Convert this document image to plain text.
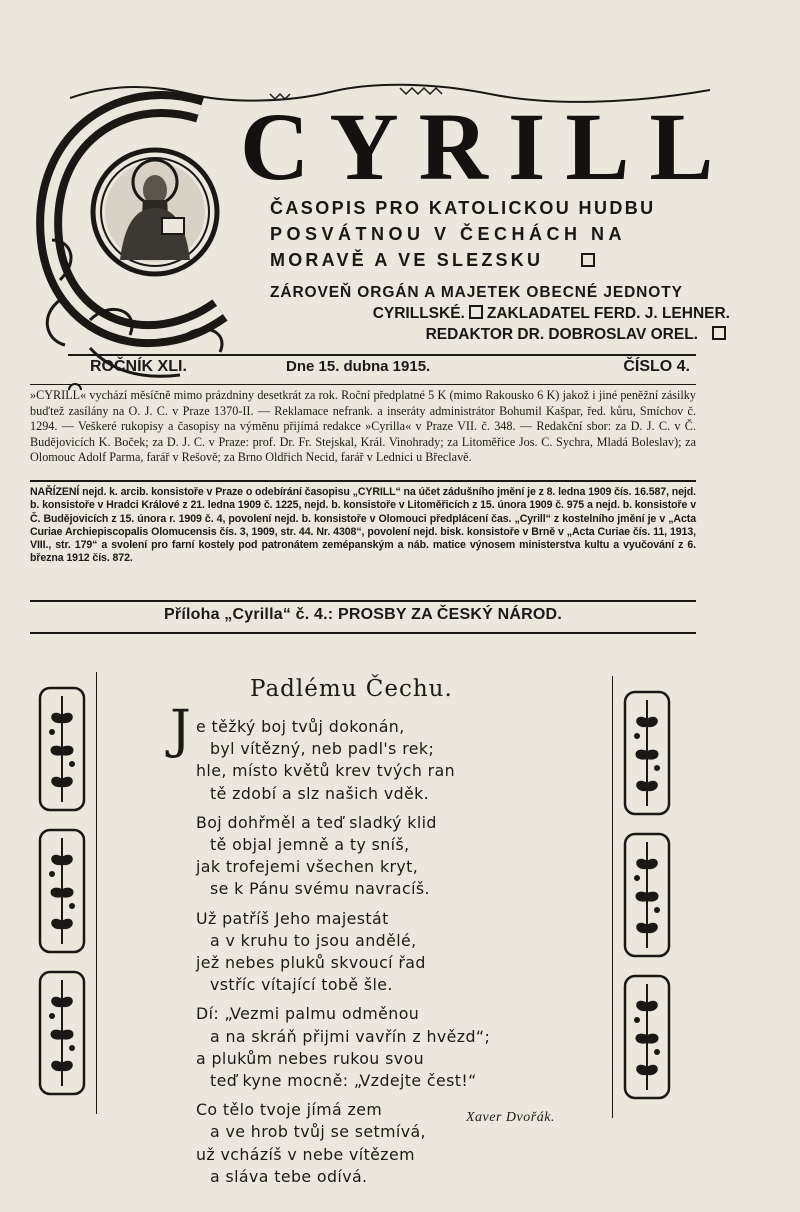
CYRILL
ČASOPIS PRO KATOLICKOU HUDBU
POSVÁTNOU V ČECHÁCH NA
MORAVĚ A VE SLEZSKU
ZÁROVEŇ ORGÁN A MAJETEK OBECNÉ JEDNOTY
CYRILLSKÉ. ZAKLADATEL FERD. J. LEHNER.
REDAKTOR DR. DOBROSLAV OREL.
ROČNÍK XLI.	Dne 15. dubna 1915.	ČÍSLO 4.
»CYRILL« vychází měsíčně mimo prázdniny desetkrát za rok. Roční předplatné 5 K (mimo Rakousko 6 K) jakož i jiné peněžní zásilky buďtež zasílány na O. J. C. v Praze 1370-II. — Reklamace nefrank. a inseráty administrátor Bohumil Kašpar, řed. kůru, Smíchov č. 1294. — Veškeré rukopisy a časopisy na výměnu přijímá redakce »Cyrilla« v Praze VII. č. 348. — Redakční sbor: za D. J. C. v Č. Budějovicích K. Boček; za D. J. C. v Praze: prof. Dr. Fr. Stejskal, Král. Vinohrady; za Litoměřice Jos. C. Sychra, Mladá Boleslav); za Olomouc Adolf Parma, farář v Rešově; za Brno Oldřich Necid, farář v Lednici u Břeclavě.
NAŘÍZENÍ nejd. k. arcib. konsistoře v Praze o odebírání časopisu „CYRILL“ na účet zádušního jmění je z 8. ledna 1909 čís. 16.587, nejd. b. konsistoře v Hradci Králové z 21. ledna 1909 č. 1225, nejd. b. konsistoře v Litoměřicích z 15. února 1909 č. 975 a nejd. b. konsistoře v Č. Budějovicích z 15. února r. 1909 č. 4, povolení nejd. b. konsistoře v Olomouci předplácení čas. „Cyrill“ z kostelního jmění je v „Acta Curiae Archiepiscopalis Olomucensis čís. 3, 1909, str. 44. Nr. 4308“, povolení nejd. bisk. konsistoře v Brně v „Acta Curiae čís. 11, 1913, VIII., str. 179“ a svolení pro farní kostely pod patronátem zemépanským a náb. matice výnosem ministerstva kultu a vyučování z 6. března 1912 čís. 872.
Příloha „Cyrilla“ č. 4.: PROSBY ZA ČESKÝ NÁROD.
Padlému Čechu.
J e těžký boj tvůj dokonán,
byl vítězný, neb padl's rek;
hle, místo květů krev tvých ran
tě zdobí a slz našich vděk.
Boj dohřměl a teď sladký klid
tě objal jemně a ty sníš,
jak trofejemi všechen kryt,
se k Pánu svému navracíš.
Už patříš Jeho majestát
a v kruhu to jsou andělé,
jež nebes pluků skvoucí řad
vstříc vítající tobě šle.
Dí: „Vezmi palmu odměnou
a na skráň přijmi vavřín z hvězd“;
a plukům nebes rukou svou
teď kyne mocně: „Vzdejte čest!“
Co tělo tvoje jímá zem
a ve hrob tvůj se setmívá,
už vcházíš v nebe vítězem
a sláva tebe odívá.
Xaver Dvořák.
